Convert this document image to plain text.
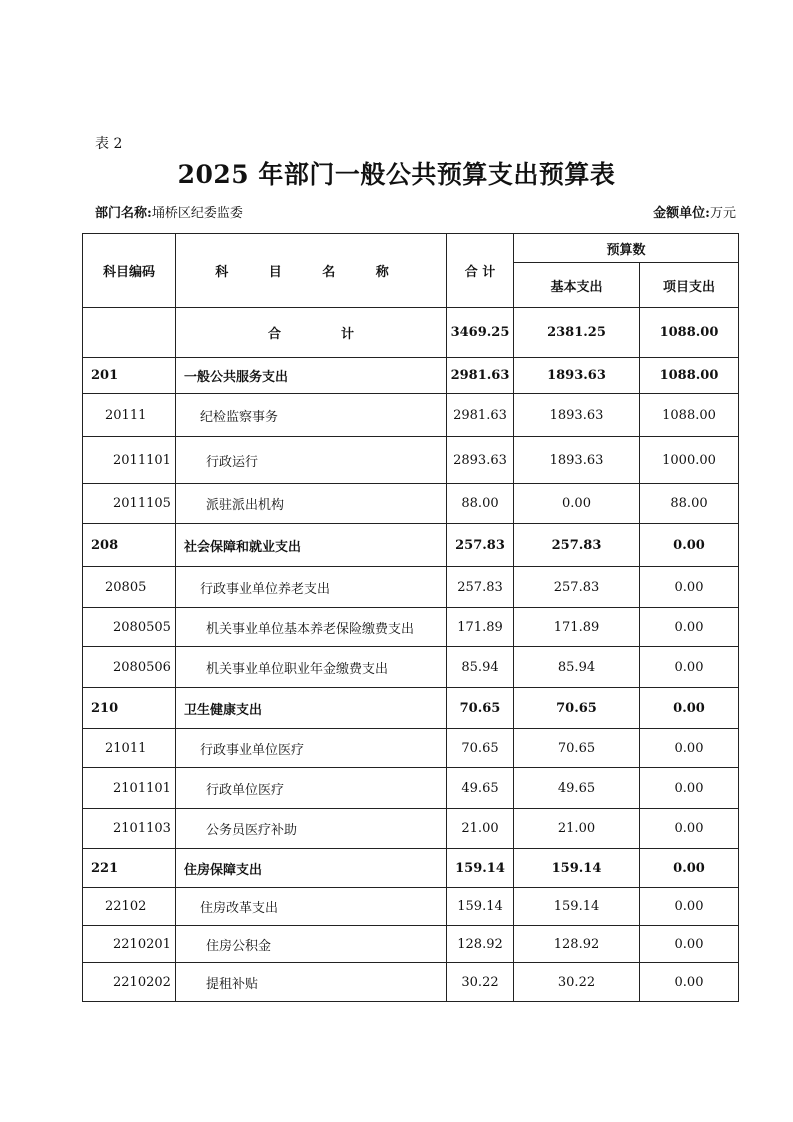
表 2
2025 年部门一般公共预算支出预算表
部门名称:埇桥区纪委监委	金额单位:万元
科目编码	科 目 名 称	合 计	预算数	
			基本支出	项目支出
	合计	3469.25	2381.25	1088.00
201	一般公共服务支出	2981.63	1893.63	1088.00
20111	纪检监察事务	2981.63	1893.63	1088.00
2011101	行政运行	2893.63	1893.63	1000.00
2011105	派驻派出机构	88.00	0.00	88.00
208	社会保障和就业支出	257.83	257.83	0.00
20805	行政事业单位养老支出	257.83	257.83	0.00
2080505	机关事业单位基本养老保险缴费支出	171.89	171.89	0.00
2080506	机关事业单位职业年金缴费支出	85.94	85.94	0.00
210	卫生健康支出	70.65	70.65	0.00
21011	行政事业单位医疗	70.65	70.65	0.00
2101101	行政单位医疗	49.65	49.65	0.00
2101103	公务员医疗补助	21.00	21.00	0.00
221	住房保障支出	159.14	159.14	0.00
22102	住房改革支出	159.14	159.14	0.00
2210201	住房公积金	128.92	128.92	0.00
2210202	提租补贴	30.22	30.22	0.00
